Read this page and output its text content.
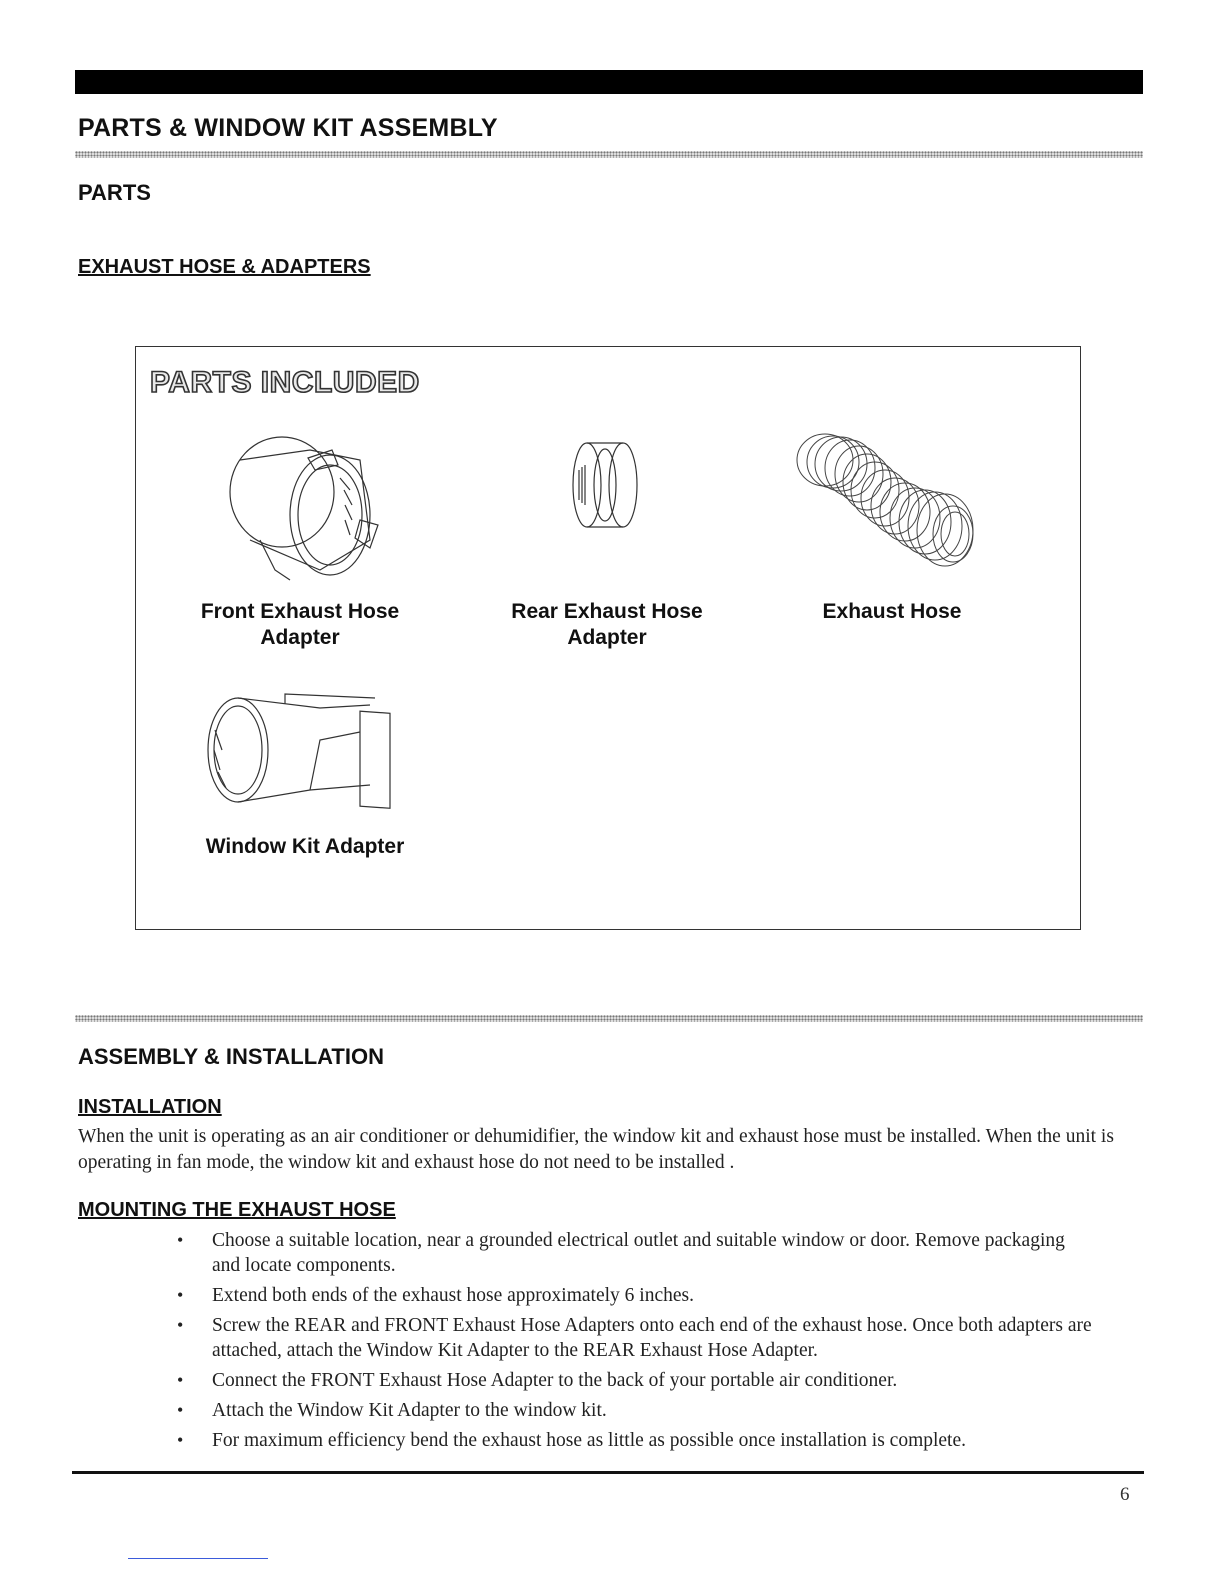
PARTS & WINDOW KIT ASSEMBLY
PARTS

EXHAUST HOSE & ADAPTERS

PARTS INCLUDED
Front Exhaust Hose Adapter
Rear Exhaust Hose Adapter
Exhaust Hose
Window Kit Adapter
ASSEMBLY & INSTALLATION

INSTALLATION

When the unit is operating as an air conditioner or dehumidifier, the window kit and exhaust hose must be installed. When the unit is operating in fan mode, the window kit and exhaust hose do not need to be installed .

MOUNTING THE EXHAUST HOSE

• Choose a suitable location, near a grounded electrical outlet and suitable window or door. Remove packaging and locate components.
• Extend both ends of the exhaust hose approximately 6 inches.
• Screw the REAR and FRONT Exhaust Hose Adapters onto each end of the exhaust hose. Once both adapters are attached, attach the Window Kit Adapter to the REAR Exhaust Hose Adapter.
• Connect the FRONT Exhaust Hose Adapter to the back of your portable air conditioner.
• Attach the Window Kit Adapter to the window kit.
• For maximum efficiency bend the exhaust hose as little as possible once installation is complete.
6
